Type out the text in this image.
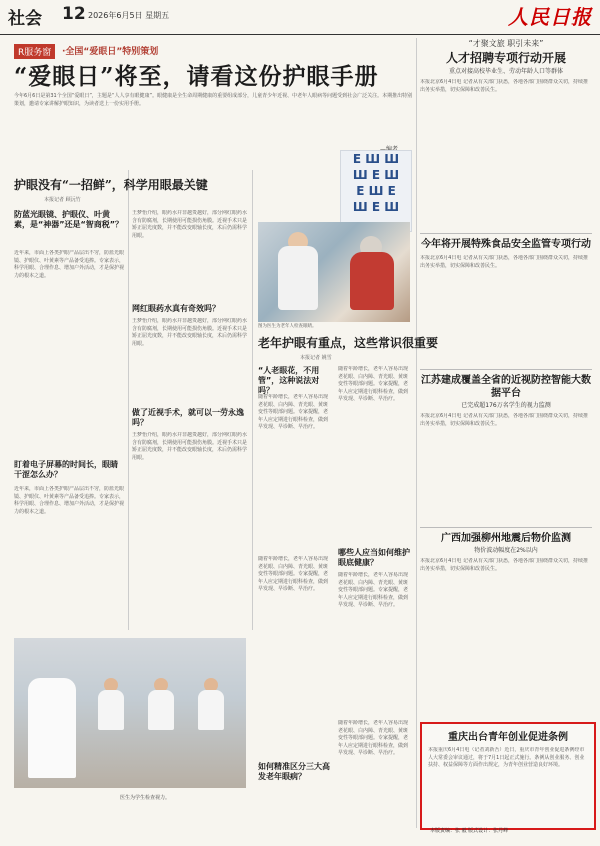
社会 12 2026年6月5日 星期五	人民日报
R服务窗	·全国“爱眼日”特别策划
“爱眼日”将至，请看这份护眼手册
今年6月6日是第31个全国“爱眼日”，主题是“人人享有眼健康”。眼健康是全生命周期健康的重要组成部分，儿童青少年近视、中老年人眼病等问题受到社会广泛关注。本期推出特别策划，邀请专家讲解护眼知识，为读者送上一份实用手册。
E Ш Ш
Ш E Ш
E Ш E
Ш E Ш
护眼没有“一招鲜”，科学用眼最关键
本报记者 顾沅竹
防蓝光眼镜、护眼仪、叶黄素，是“神器”还是“智商税”？
近年来，市面上各类护眼产品层出不穷，防蓝光眼镜、护眼仪、叶黄素等产品备受追捧。专家表示，科学用眼、合理作息、增加户外活动，才是保护视力的根本之道。
盯着电子屏幕的时间长，眼睛干涩怎么办？
近年来，市面上各类护眼产品层出不穷，防蓝光眼镜、护眼仪、叶黄素等产品备受追捧。专家表示，科学用眼、合理作息、增加户外活动，才是保护视力的根本之道。
王梦怡介绍，眼药水并非越贵越好，部分网红眼药水含有防腐剂，长期使用可能损伤角膜。近视手术只是矫正屈光度数，并不能改变眼轴长度，术后仍需科学用眼。
网红眼药水真有奇效吗？
王梦怡介绍，眼药水并非越贵越好，部分网红眼药水含有防腐剂，长期使用可能损伤角膜。近视手术只是矫正屈光度数，并不能改变眼轴长度，术后仍需科学用眼。
做了近视手术，就可以一劳永逸吗？
王梦怡介绍，眼药水并非越贵越好，部分网红眼药水含有防腐剂，长期使用可能损伤角膜。近视手术只是矫正屈光度数，并不能改变眼轴长度，术后仍需科学用眼。
图为医生为老年人检查眼睛。
老年护眼有重点，这些常识很重要
本报记者 姚雪
“人老眼花，不用管”，这种说法对吗？
随着年龄增长，老年人容易出现老花眼、白内障、青光眼、黄斑变性等眼部问题。专家提醒，老年人应定期进行眼科检查，做到早发现、早诊断、早治疗。
随着年龄增长，老年人容易出现老花眼、白内障、青光眼、黄斑变性等眼部问题。专家提醒，老年人应定期进行眼科检查，做到早发现、早诊断、早治疗。
哪些人应当如何维护眼底健康？
随着年龄增长，老年人容易出现老花眼、白内障、青光眼、黄斑变性等眼部问题。专家提醒，老年人应定期进行眼科检查，做到早发现、早诊断、早治疗。
随着年龄增长，老年人容易出现老花眼、白内障、青光眼、黄斑变性等眼部问题。专家提醒，老年人应定期进行眼科检查，做到早发现、早诊断、早治疗。
如何精准区分三大高发老年眼病？
随着年龄增长，老年人容易出现老花眼、白内障、青光眼、黄斑变性等眼部问题。专家提醒，老年人应定期进行眼科检查，做到早发现、早诊断、早治疗。
医生为学生检查视力。
“才聚文旅 职引未来”
人才招聘专项行动开展
重点对接高校毕业生、劳动年龄人口等群体
本报北京6月4日电 记者从有关部门获悉，各地各部门围绕群众关切，持续推出务实举措，切实保障和改善民生。
今年将开展特殊食品安全监管专项行动
本报北京6月4日电 记者从有关部门获悉，各地各部门围绕群众关切，持续推出务实举措，切实保障和改善民生。
江苏建成覆盖全省的近视防控智能大数据平台
已完成超176万名学生的视力监测
本报北京6月4日电 记者从有关部门获悉，各地各部门围绕群众关切，持续推出务实举措，切实保障和改善民生。
广西加强柳州地震后物价监测
物价波动幅度在2%以内
本报北京6月4日电 记者从有关部门获悉，各地各部门围绕群众关切，持续推出务实举措，切实保障和改善民生。
重庆出台青年创业促进条例
本报重庆6月4日电（记者刘新吾）近日，重庆市青年创业促进条例经市人大常委会审议通过，将于7月1日起正式施行。条例从创业服务、创业扶持、权益保障等方面作出规定，为青年创业营造良好环境。
本版责编：张 毅 版式设计：张丹峰
